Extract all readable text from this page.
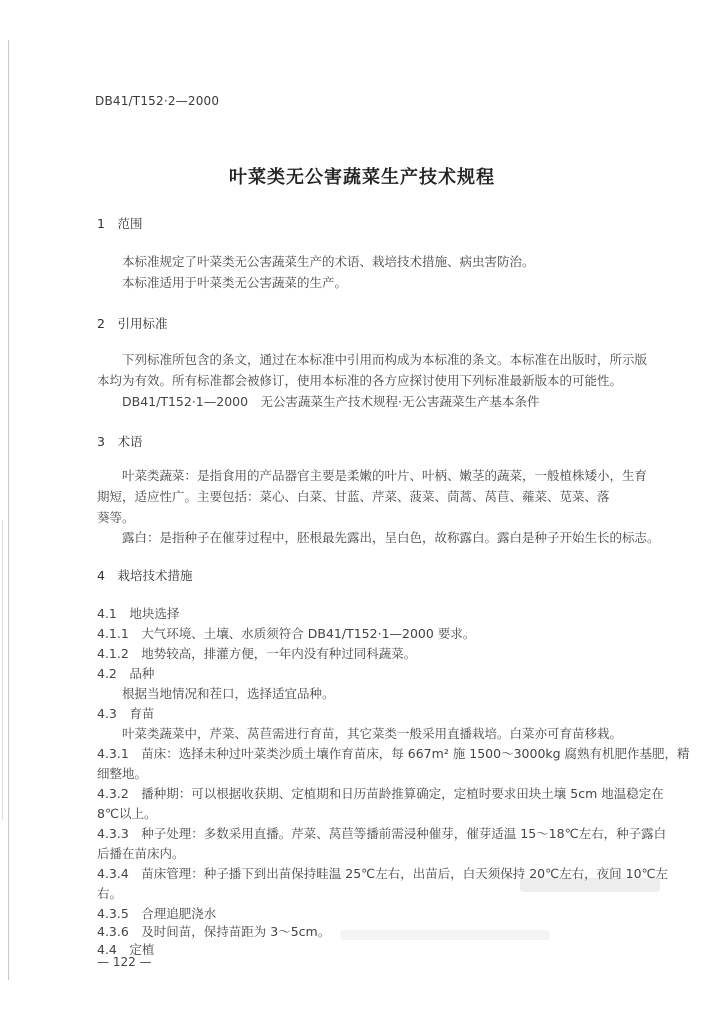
DB41/T152·2—2000
叶菜类无公害蔬菜生产技术规程
1　范围
本标准规定了叶菜类无公害蔬菜生产的术语、栽培技术措施、病虫害防治。
本标准适用于叶菜类无公害蔬菜的生产。
2　引用标准
下列标准所包含的条文，通过在本标准中引用而构成为本标准的条文。本标准在出版时，所示版
本均为有效。所有标准都会被修订，使用本标准的各方应探讨使用下列标准最新版本的可能性。
DB41/T152·1—2000　无公害蔬菜生产技术规程·无公害蔬菜生产基本条件
3　术语
叶菜类蔬菜：是指食用的产品器官主要是柔嫩的叶片、叶柄、嫩茎的蔬菜，一般植株矮小，生育
期短，适应性广。主要包括：菜心、白菜、甘蓝、芹菜、菠菜、茼蒿、莴苣、蕹菜、苋菜、落
葵等。
露白：是指种子在催芽过程中，胚根最先露出，呈白色，故称露白。露白是种子开始生长的标志。
4　栽培技术措施
4.1　地块选择
4.1.1　大气环境、土壤、水质须符合 DB41/T152·1—2000 要求。
4.1.2　地势较高，排灌方便，一年内没有种过同科蔬菜。
4.2　品种
根据当地情况和茬口，选择适宜品种。
4.3　育苗
叶菜类蔬菜中，芹菜、莴苣需进行育苗，其它菜类一般采用直播栽培。白菜亦可育苗移栽。
4.3.1　苗床：选择未种过叶菜类沙质土壤作育苗床，每 667m² 施 1500～3000kg 腐熟有机肥作基肥，精
细整地。
4.3.2　播种期：可以根据收获期、定植期和日历苗龄推算确定，定植时要求田块土壤 5cm 地温稳定在
8℃以上。
4.3.3　种子处理：多数采用直播。芹菜、莴苣等播前需浸种催芽，催芽适温 15～18℃左右，种子露白
后播在苗床内。
4.3.4　苗床管理：种子播下到出苗保持畦温 25℃左右，出苗后，白天须保持 20℃左右，夜间 10℃左
右。
4.3.5　合理追肥浇水
4.3.6　及时间苗，保持苗距为 3～5cm。
4.4　定植
— 122 —
